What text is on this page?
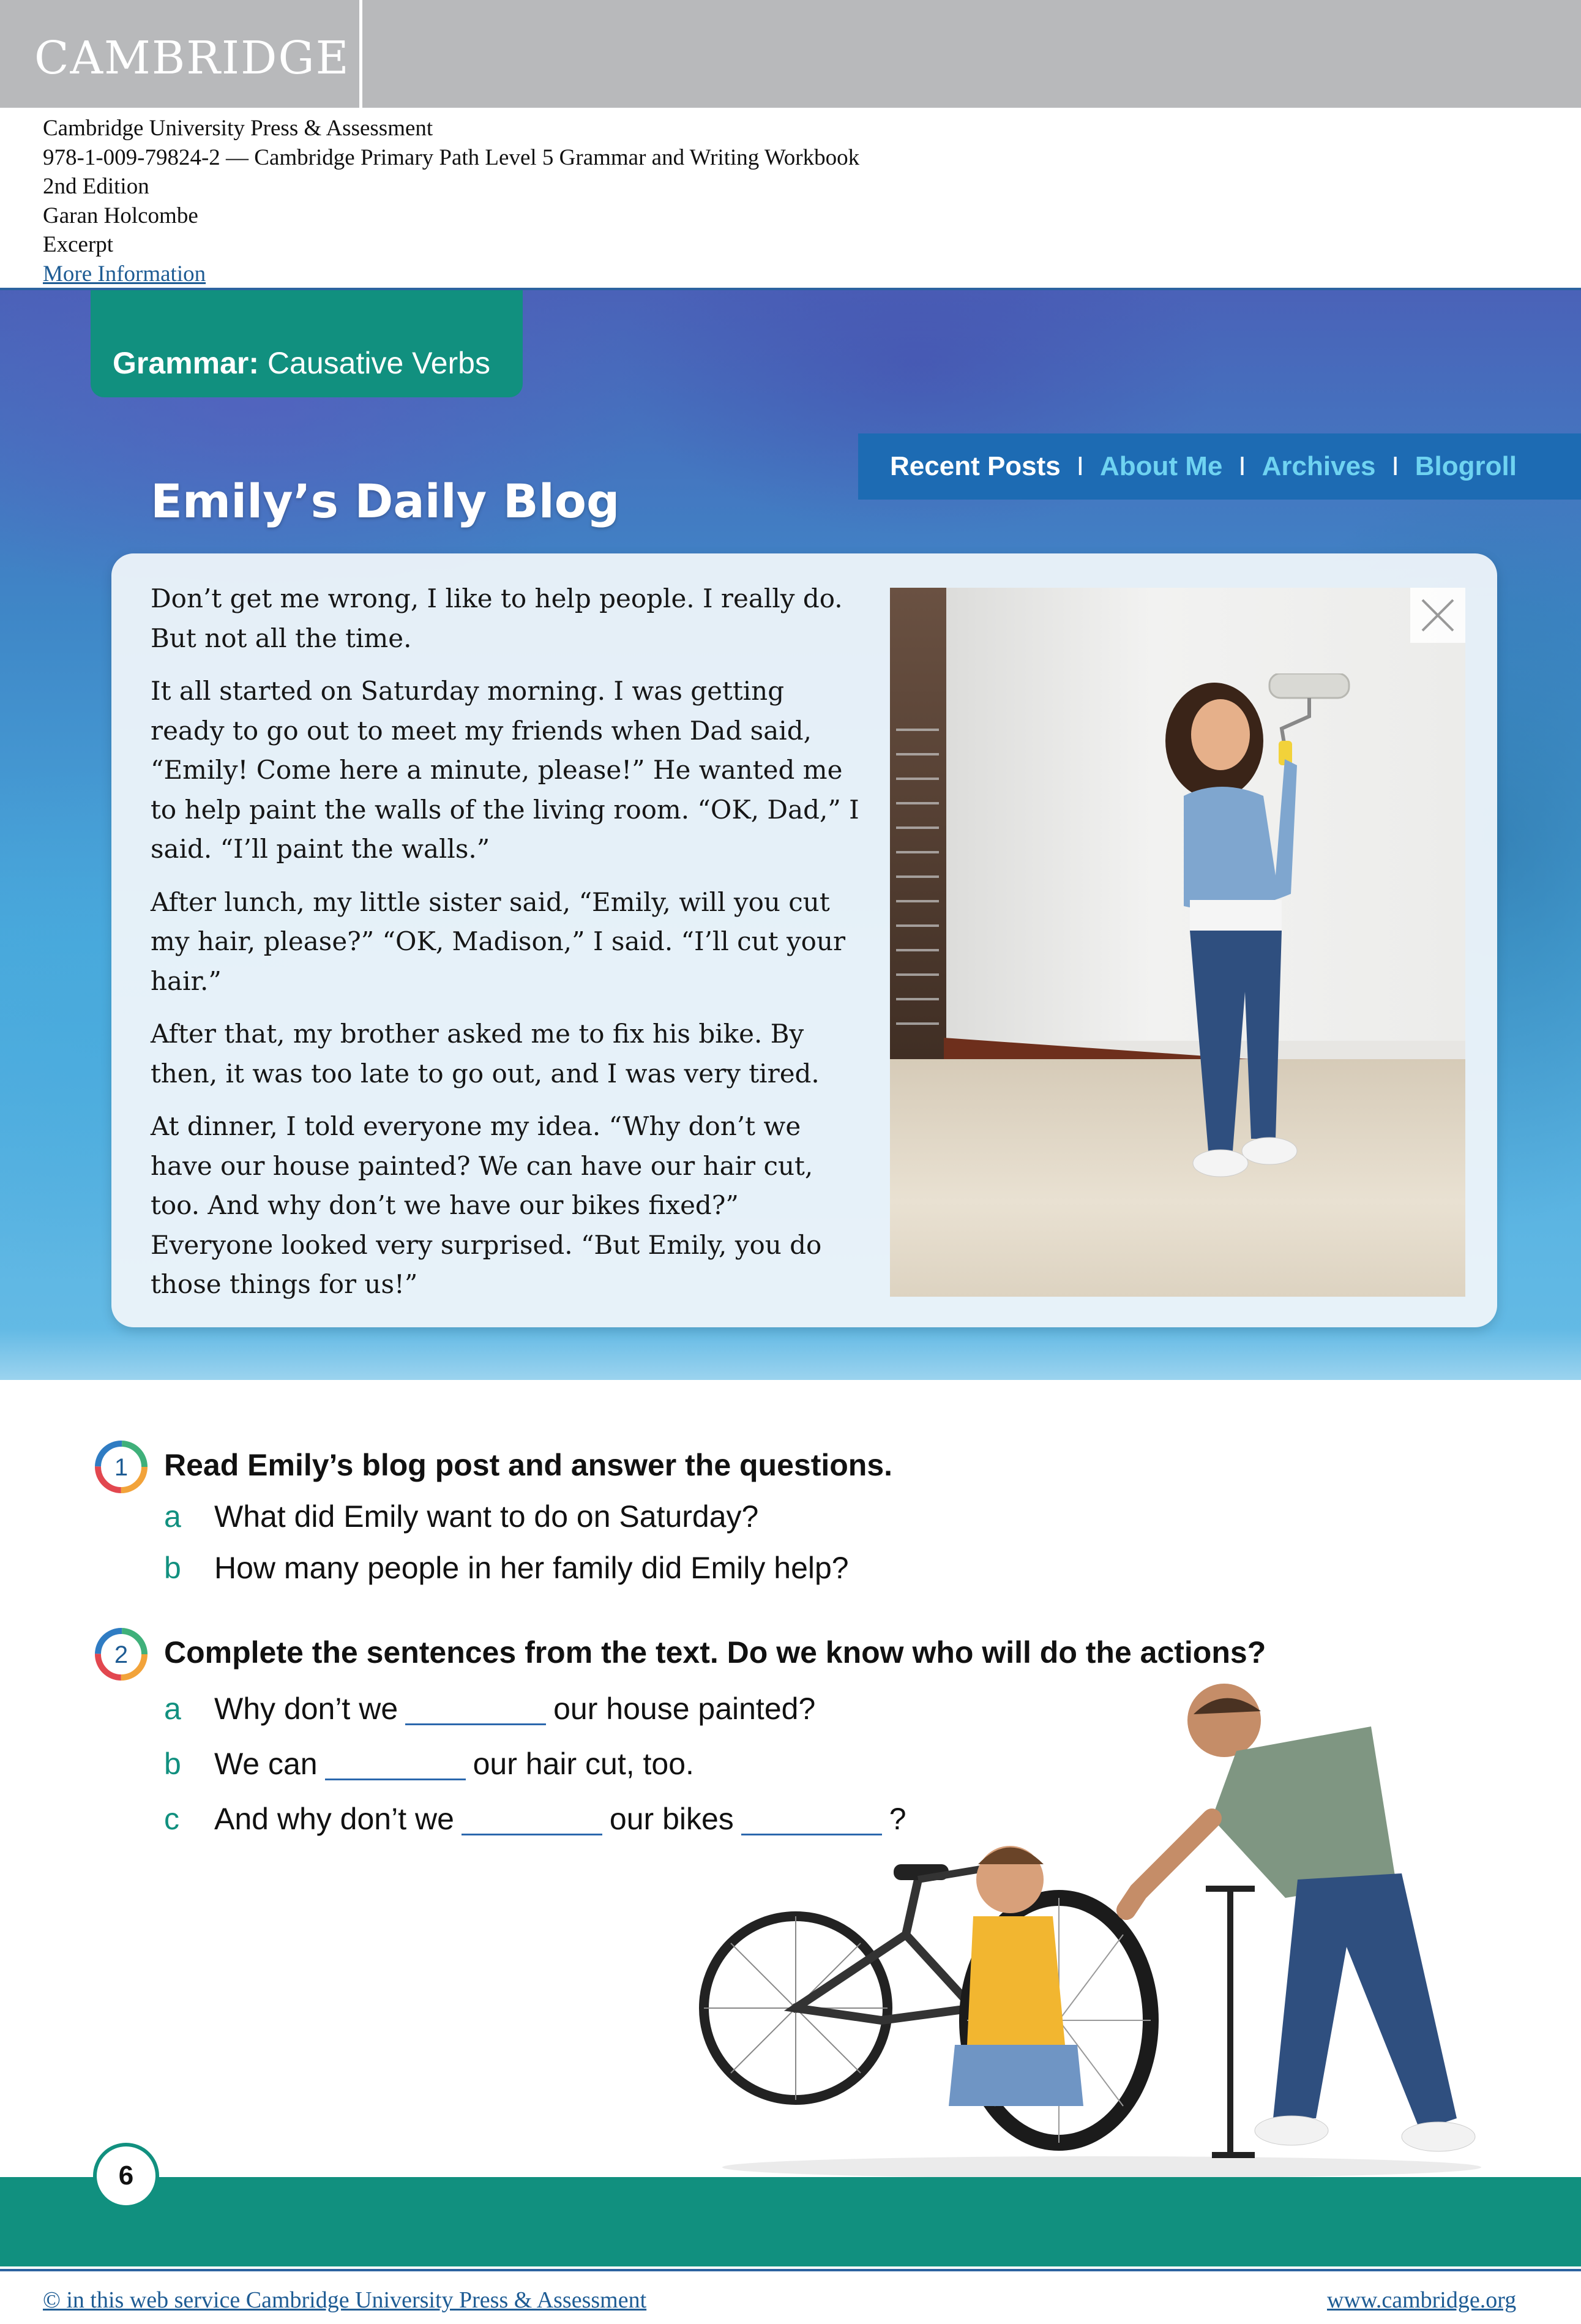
CAMBRIDGE
Cambridge University Press & Assessment
978-1-009-79824-2 — Cambridge Primary Path Level 5 Grammar and Writing Workbook
2nd Edition
Garan Holcombe
Excerpt
More Information
Grammar: Causative Verbs
Recent Posts I About Me I Archives I Blogroll
Emily’s Daily Blog

Don’t get me wrong, I like to help people. I really do. But not all the time.

It all started on Saturday morning. I was getting ready to go out to meet my friends when Dad said, “Emily! Come here a minute, please!” He wanted me to help paint the walls of the living room. “OK, Dad,” I said. “I’ll paint the walls.”

After lunch, my little sister said, “Emily, will you cut my hair, please?” “OK, Madison,” I said. “I’ll cut your hair.”

After that, my brother asked me to fix his bike. By then, it was too late to go out, and I was very tired.

At dinner, I told everyone my idea. “Why don’t we have our house painted? We can have our hair cut, too. And why don’t we have our bikes fixed?” Everyone looked very surprised. “But Emily, you do those things for us!”

1 Read Emily’s blog post and answer the questions.
a What did Emily want to do on Saturday?
b How many people in her family did Emily help?
2 Complete the sentences from the text. Do we know who will do the actions?
a Why don’t we	our house painted?
b We can	our hair cut, too.
c And why don’t we	our bikes	?
6
© in this web service Cambridge University Press & Assessment	www.cambridge.org
